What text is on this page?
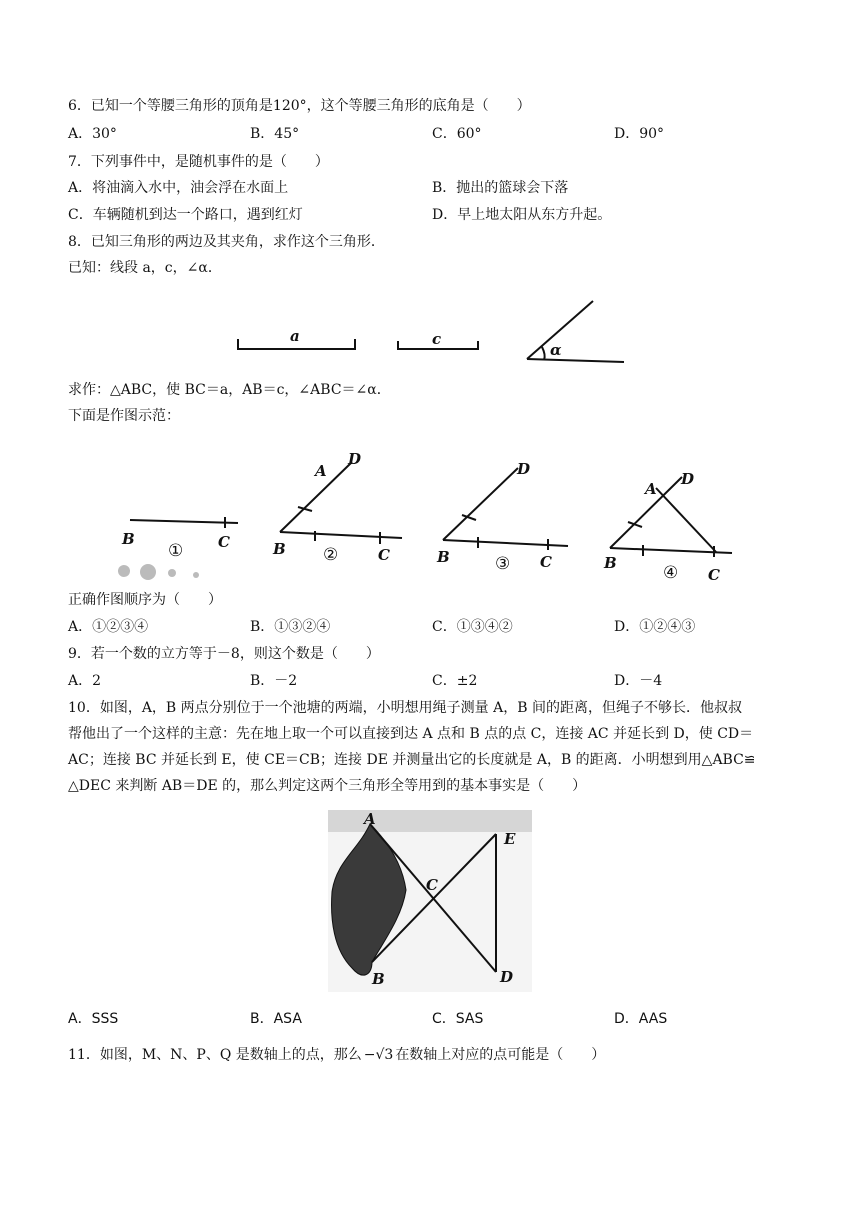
6．已知一个等腰三角形的顶角是120°，这个等腰三角形的底角是（　　）
A．30°	B．45°	C．60°	D．90°
7．下列事件中，是随机事件的是（　　）
A．将油滴入水中，油会浮在水面上	B．抛出的篮球会下落
C．车辆随机到达一个路口，遇到红灯	D．早上地太阳从东方升起。
8．已知三角形的两边及其夹角，求作这个三角形．
已知：线段 a，c，∠α．
a	c
α
求作：△ABC，使 BC＝a，AB＝c，∠ABC＝∠α．
下面是作图示范：
B	C
①
A
D
B	C
②
D
B	C
③
A
D
B
C
④
正确作图顺序为（　　）
A．①②③④	B．①③②④	C．①③④②	D．①②④③
9．若一个数的立方等于－8，则这个数是（　　）
A．2	B．－2	C．±2	D．－4
10．如图，A，B 两点分别位于一个池塘的两端，小明想用绳子测量 A，B 间的距离，但绳子不够长．他叔叔
帮他出了一个这样的主意：先在地上取一个可以直接到达 A 点和 B 点的点 C，连接 AC 并延长到 D，使 CD＝
AC；连接 BC 并延长到 E，使 CE＝CB；连接 DE 并测量出它的长度就是 A，B 的距离．小明想到用△ABC≌
△DEC 来判断 AB＝DE 的，那么判定这两个三角形全等用到的基本事实是（　　）
A
B
C
D
E
A．SSS	B．ASA	C．SAS	D．AAS
11．如图，M、N、P、Q 是数轴上的点，那么 −√3 在数轴上对应的点可能是（　　）
